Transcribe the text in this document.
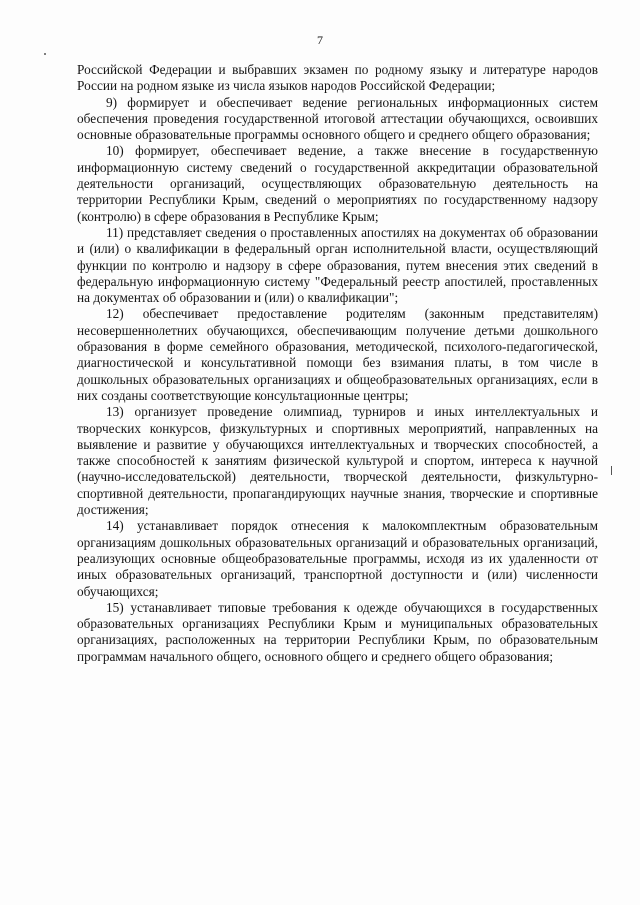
7

Российской Федерации и выбравших экзамен по родному языку и литературе народов России на родном языке из числа языков народов Российской Федерации;

9) формирует и обеспечивает ведение региональных информационных систем обеспечения проведения государственной итоговой аттестации обучающихся, освоивших основные образовательные программы основного общего и среднего общего образования;

10) формирует, обеспечивает ведение, а также внесение в государственную информационную систему сведений о государственной аккредитации образовательной деятельности организаций, осуществляющих образовательную деятельность на территории Республики Крым, сведений о мероприятиях по государственному надзору (контролю) в сфере образования в Республике Крым;

11) представляет сведения о проставленных апостилях на документах об образовании и (или) о квалификации в федеральный орган исполнительной власти, осуществляющий функции по контролю и надзору в сфере образования, путем внесения этих сведений в федеральную информационную систему "Федеральный реестр апостилей, проставленных на документах об образовании и (или) о квалификации";

12) обеспечивает предоставление родителям (законным представителям) несовершеннолетних обучающихся, обеспечивающим получение детьми дошкольного образования в форме семейного образования, методической, психолого-педагогической, диагностической и консультативной помощи без взимания платы, в том числе в дошкольных образовательных организациях и общеобразовательных организациях, если в них созданы соответствующие консультационные центры;

13) организует проведение олимпиад, турниров и иных интеллектуальных и творческих конкурсов, физкультурных и спортивных мероприятий, направленных на выявление и развитие у обучающихся интеллектуальных и творческих способностей, а также способностей к занятиям физической культурой и спортом, интереса к научной (научно-исследовательской) деятельности, творческой деятельности, физкультурно-спортивной деятельности, пропагандирующих научные знания, творческие и спортивные достижения;

14) устанавливает порядок отнесения к малокомплектным образовательным организациям дошкольных образовательных организаций и образовательных организаций, реализующих основные общеобразовательные программы, исходя из их удаленности от иных образовательных организаций, транспортной доступности и (или) численности обучающихся;

15) устанавливает типовые требования к одежде обучающихся в государственных образовательных организациях Республики Крым и муниципальных образовательных организациях, расположенных на территории Республики Крым, по образовательным программам начального общего, основного общего и среднего общего образования;
